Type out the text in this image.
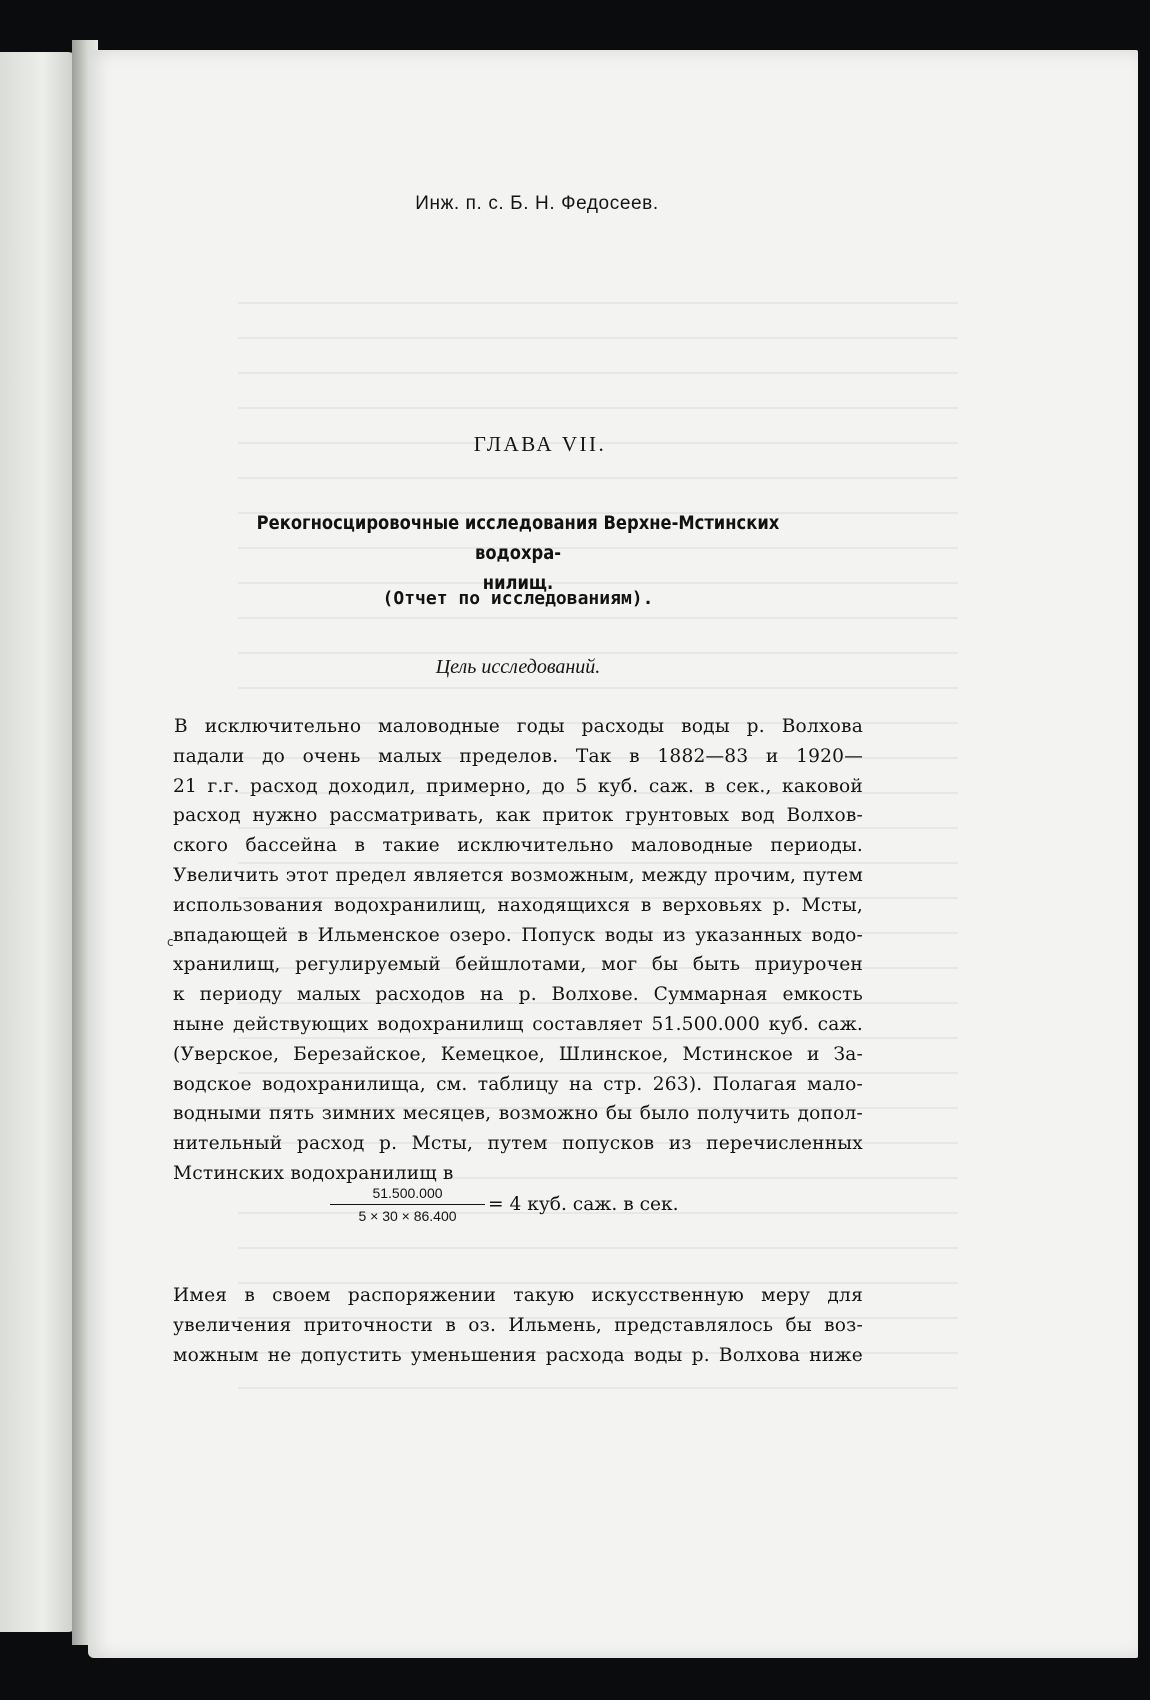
Инж. п. с. Б. Н. Федосеев.
ГЛАВА VII.
Рекогносцировочные исследования Верхне-Мстинских водохра-
нилищ.
(Отчет по исследованиям).
Цель исследований.
c

В исключительно маловодные годы расходы воды р. Волхова

падали до очень малых пределов. Так в 1882—83 и 1920—

21 г.г. расход доходил, примерно, до 5 куб. саж. в сек., каковой

расход нужно рассматривать, как приток грунтовых вод Волхов-

ского бассейна в такие исключительно маловодные периоды.

Увеличить этот предел является возможным, между прочим, путем

использования водохранилищ, находящихся в верховьях р. Мсты,

впадающей в Ильменское озеро. Попуск воды из указанных водо-

хранилищ, регулируемый бейшлотами, мог бы быть приурочен

к периоду малых расходов на р. Волхове. Суммарная емкость

ныне действующих водохранилищ составляет 51.500.000 куб. саж.

(Уверское, Березайское, Кемецкое, Шлинское, Мстинское и За-

водское водохранилища, см. таблицу на стр. 263). Полагая мало-

водными пять зимних месяцев, возможно бы было получить допол-

нительный расход р. Мсты, путем попусков из перечисленных

Мстинских водохранилищ в

51.500.000
5 × 30 × 86.400
= 4 куб. саж. в сек.

Имея в своем распоряжении такую искусственную меру для

увеличения приточности в оз. Ильмень, представлялось бы воз-

можным не допустить уменьшения расхода воды р. Волхова ниже
